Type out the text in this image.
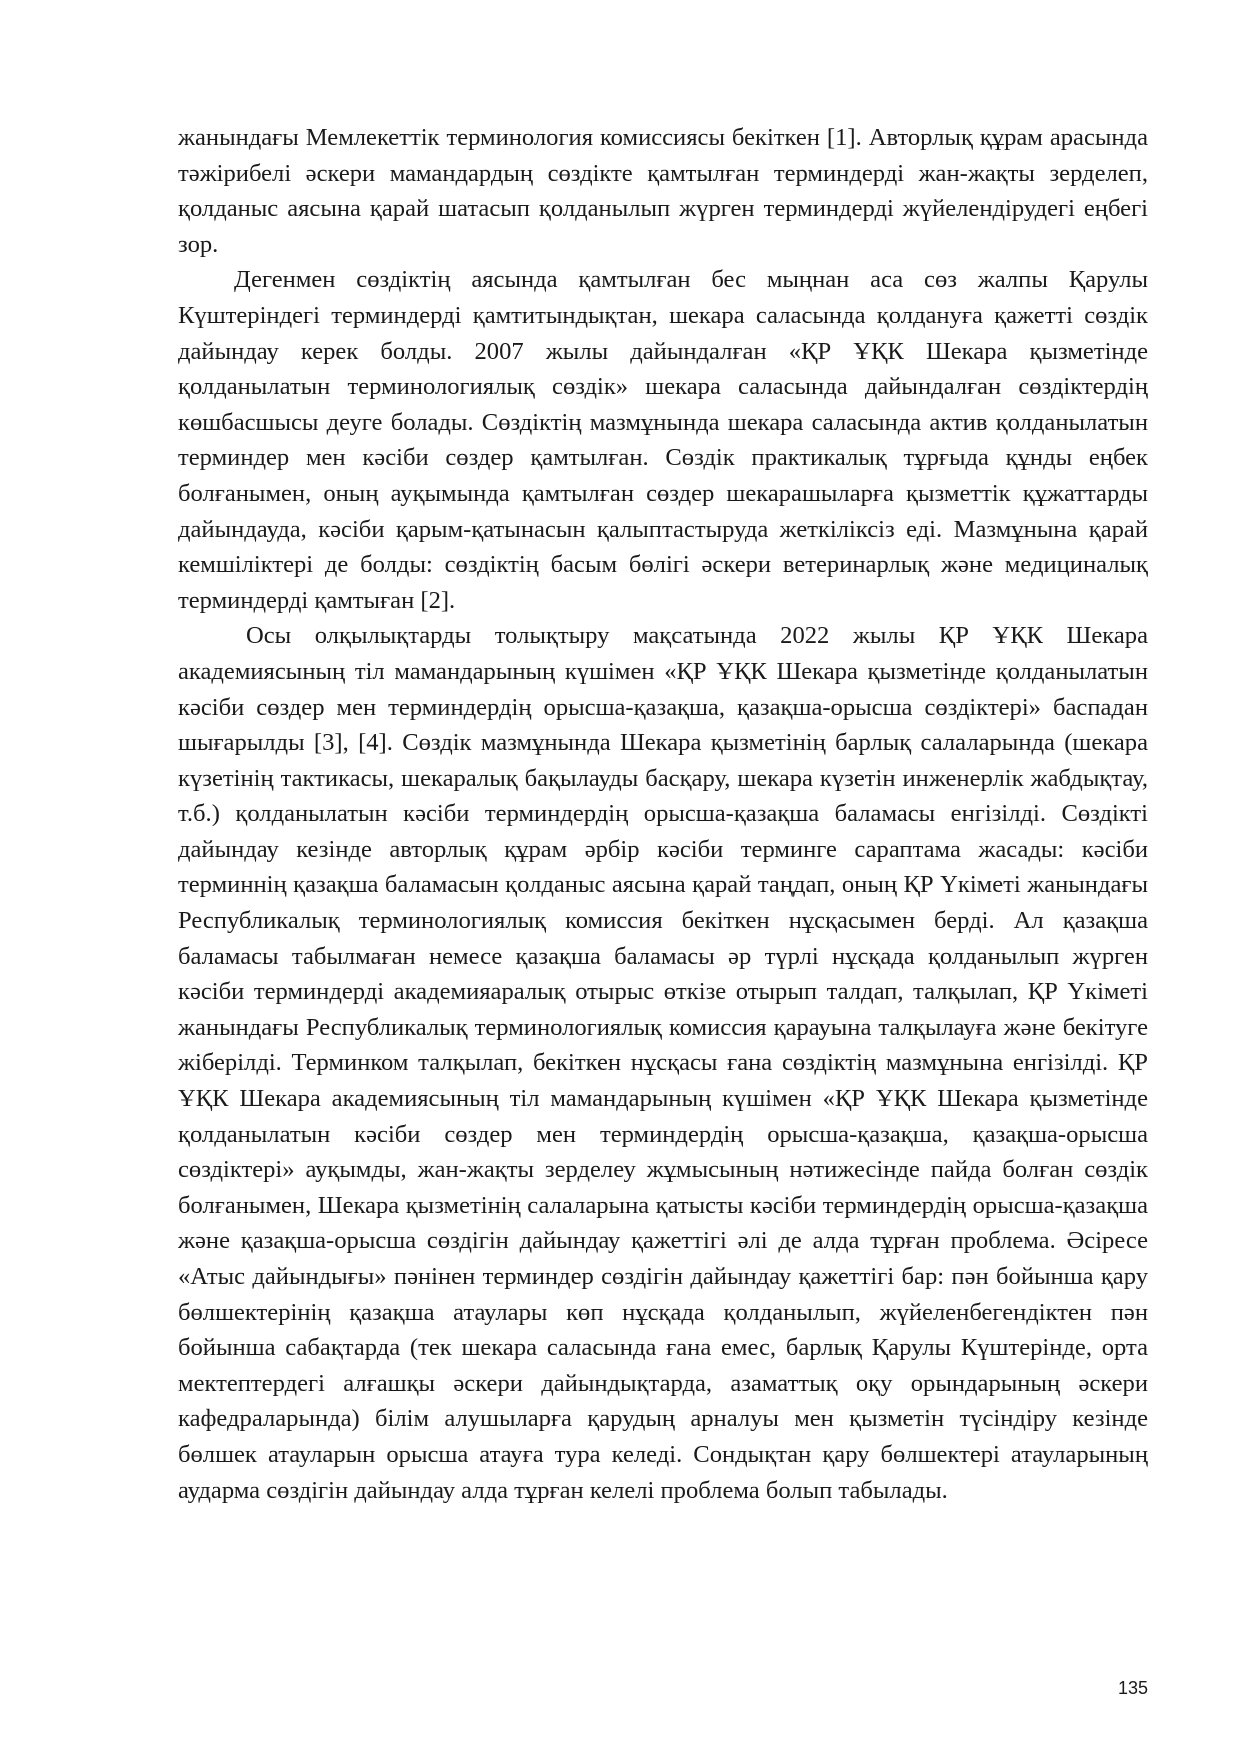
жанындағы Мемлекеттік терминология комиссиясы бекіткен [1]. Авторлық құрам арасында тәжірибелі әскери мамандардың сөздікте қамтылған терминдерді жан-жақты зерделеп, қолданыс аясына қарай шатасып қолданылып жүрген терминдерді жүйелендірудегі еңбегі зор.

Дегенмен сөздіктің аясында қамтылған бес мыңнан аса сөз жалпы Қарулы Күштеріндегі терминдерді қамтитындықтан, шекара саласында қолдануға қажетті сөздік дайындау керек болды. 2007 жылы дайындалған «ҚР ҰҚК Шекара қызметінде қолданылатын терминологиялық сөздік» шекара саласында дайындалған сөздіктердің көшбасшысы деуге болады. Сөздіктің мазмұнында шекара саласында актив қолданылатын терминдер мен кәсіби сөздер қамтылған. Сөздік практикалық тұрғыда құнды еңбек болғанымен, оның ауқымында қамтылған сөздер шекарашыларға қызметтік құжаттарды дайындауда, кәсіби қарым-қатынасын қалыптастыруда жеткіліксіз еді. Мазмұнына қарай кемшіліктері де болды: сөздіктің басым бөлігі әскери ветеринарлық және медициналық терминдерді қамтыған [2].

Осы олқылықтарды толықтыру мақсатында 2022 жылы ҚР ҰҚК Шекара академиясының тіл мамандарының күшімен «ҚР ҰҚК Шекара қызметінде қолданылатын кәсіби сөздер мен терминдердің орысша-қазақша, қазақша-орысша сөздіктері» баспадан шығарылды [3], [4]. Сөздік мазмұнында Шекара қызметінің барлық салаларында (шекара күзетінің тактикасы, шекаралық бақылауды басқару, шекара күзетін инженерлік жабдықтау, т.б.) қолданылатын кәсіби терминдердің орысша-қазақша баламасы енгізілді. Сөздікті дайындау кезінде авторлық құрам әрбір кәсіби терминге сараптама жасады: кәсіби терминнің қазақша баламасын қолданыс аясына қарай таңдап, оның ҚР Үкіметі жанындағы Республикалық терминологиялық комиссия бекіткен нұсқасымен берді. Ал қазақша баламасы табылмаған немесе қазақша баламасы әр түрлі нұсқада қолданылып жүрген кәсіби терминдерді академияаралық отырыс өткізе отырып талдап, талқылап, ҚР Үкіметі жанындағы Республикалық терминологиялық комиссия қарауына талқылауға және бекітуге жіберілді. Терминком талқылап, бекіткен нұсқасы ғана сөздіктің мазмұнына енгізілді. ҚР ҰҚК Шекара академиясының тіл мамандарының күшімен «ҚР ҰҚК Шекара қызметінде қолданылатын кәсіби сөздер мен терминдердің орысша-қазақша, қазақша-орысша сөздіктері» ауқымды, жан-жақты зерделеу жұмысының нәтижесінде пайда болған сөздік болғанымен, Шекара қызметінің салаларына қатысты кәсіби терминдердің орысша-қазақша және қазақша-орысша сөздігін дайындау қажеттігі әлі де алда тұрған проблема. Әсіресе «Атыс дайындығы» пәнінен терминдер сөздігін дайындау қажеттігі бар: пән бойынша қару бөлшектерінің қазақша атаулары көп нұсқада қолданылып, жүйеленбегендіктен пән бойынша сабақтарда (тек шекара саласында ғана емес, барлық Қарулы Күштерінде, орта мектептердегі алғашқы әскери дайындықтарда, азаматтық оқу орындарының әскери кафедраларында) білім алушыларға қарудың арналуы мен қызметін түсіндіру кезінде бөлшек атауларын орысша атауға тура келеді. Сондықтан қару бөлшектері атауларының аударма сөздігін дайындау алда тұрған келелі проблема болып табылады.

135
